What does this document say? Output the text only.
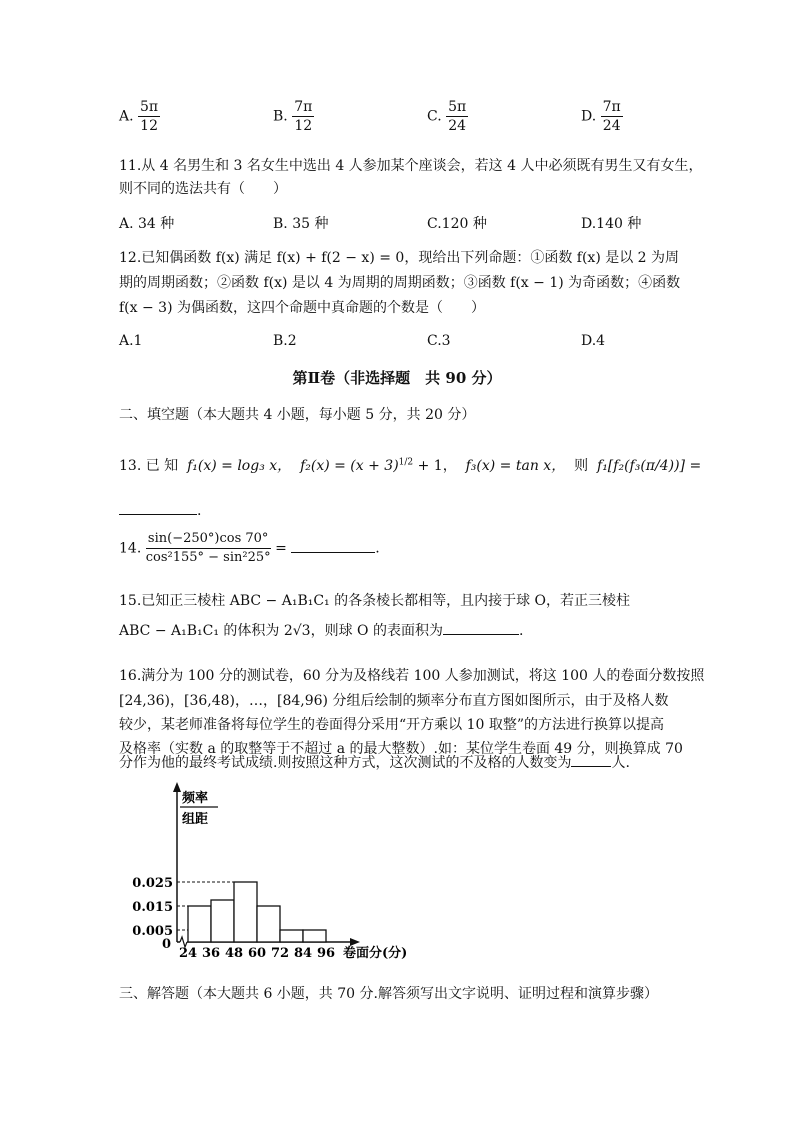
A. $\frac{5\pi}{12}$	B. $\frac{7\pi}{12}$	C. $\frac{5\pi}{24}$	D. $\frac{7\pi}{24}$
11.从 4 名男生和 3 名女生中选出 4 人参加某个座谈会，若这 4 人中必须既有男生又有女生，
则不同的选法共有（　　）
A. 34 种	B. 35 种	C.120 种	D.140 种
12.已知偶函数 f(x) 满足 f(x) + f(2 − x) = 0，现给出下列命题：①函数 f(x) 是以 2 为周
期的周期函数；②函数 f(x) 是以 4 为周期的周期函数；③函数 f(x − 1) 为奇函数；④函数
f(x − 3) 为偶函数，这四个命题中真命题的个数是（　　）
A.1	B.2	C.3	D.4
第Ⅱ卷（非选择题　共 90 分）
二、填空题（本大题共 4 小题，每小题 5 分，共 20 分）
13. 已 知 f₁(x) = log₃ x， $f_2(x) = (x + 3)^{1/2} + 1$， f₃(x) = tan x， 则 f₁[f₂(f₃(π/4))] =
.
14. $\frac{\sin(-250^\circ)\cos 70^\circ}{\text{cos²155° − sin²25°}}$ =	.
15.已知正三棱柱 ABC − A₁B₁C₁ 的各条棱长都相等，且内接于球 O，若正三棱柱
ABC − A₁B₁C₁ 的体积为 2√3，则球 O 的表面积为	.
16.满分为 100 分的测试卷，60 分为及格线若 100 人参加测试，将这 100 人的卷面分数按照
[24,36)，[36,48)，…，[84,96) 分组后绘制的频率分布直方图如图所示，由于及格人数
较少，某老师准备将每位学生的卷面得分采用“开方乘以 10 取整”的方法进行换算以提高
及格率（实数 a 的取整等于不超过 a 的最大整数）.如：某位学生卷面 49 分，则换算成 70
分作为他的最终考试成绩.则按照这种方式，这次测试的不及格的人数变为	人.
0.005
0.015
0.025
0
24 36 48 60 72 84 96 卷面分(分)
频率
组距
三、解答题（本大题共 6 小题，共 70 分.解答须写出文字说明、证明过程和演算步骤）
